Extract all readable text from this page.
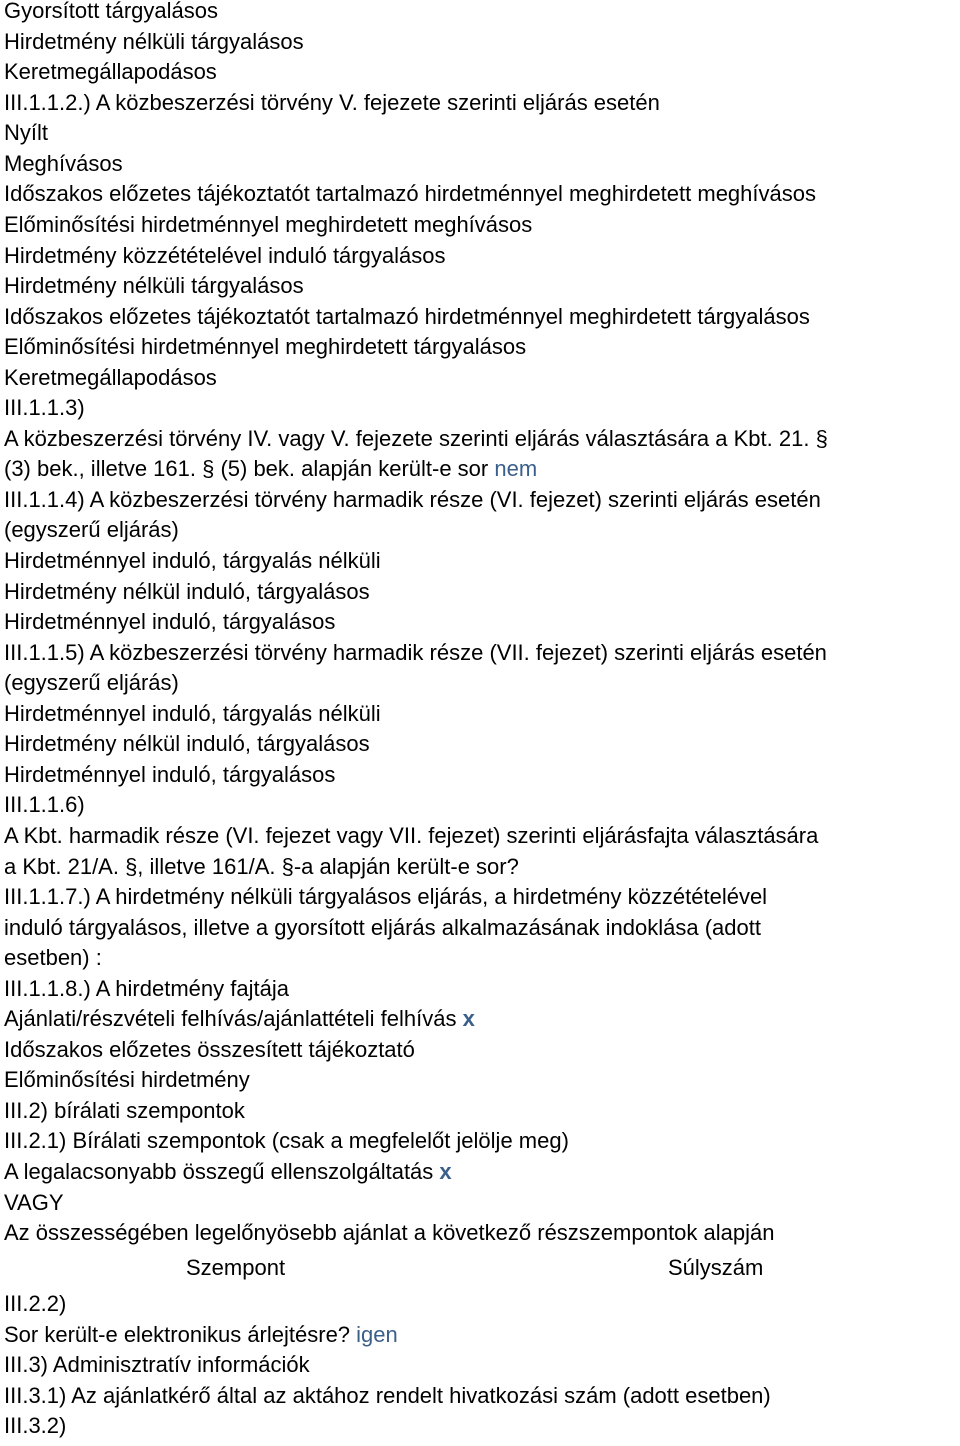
Gyorsított tárgyalásos
Hirdetmény nélküli tárgyalásos
Keretmegállapodásos
III.1.1.2.) A közbeszerzési törvény V. fejezete szerinti eljárás esetén
Nyílt
Meghívásos
Időszakos előzetes tájékoztatót tartalmazó hirdetménnyel meghirdetett meghívásos
Előminősítési hirdetménnyel meghirdetett meghívásos
Hirdetmény közzétételével induló tárgyalásos
Hirdetmény nélküli tárgyalásos
Időszakos előzetes tájékoztatót tartalmazó hirdetménnyel meghirdetett tárgyalásos
Előminősítési hirdetménnyel meghirdetett tárgyalásos
Keretmegállapodásos
III.1.1.3)
A közbeszerzési törvény IV. vagy V. fejezete szerinti eljárás választására a Kbt. 21. §
(3) bek., illetve 161. § (5) bek. alapján került-e sor nem
III.1.1.4) A közbeszerzési törvény harmadik része (VI. fejezet) szerinti eljárás esetén
(egyszerű eljárás)
Hirdetménnyel induló, tárgyalás nélküli
Hirdetmény nélkül induló, tárgyalásos
Hirdetménnyel induló, tárgyalásos
III.1.1.5) A közbeszerzési törvény harmadik része (VII. fejezet) szerinti eljárás esetén
(egyszerű eljárás)
Hirdetménnyel induló, tárgyalás nélküli
Hirdetmény nélkül induló, tárgyalásos
Hirdetménnyel induló, tárgyalásos
III.1.1.6)
A Kbt. harmadik része (VI. fejezet vagy VII. fejezet) szerinti eljárásfajta választására
a Kbt. 21/A. §, illetve 161/A. §-a alapján került-e sor?
III.1.1.7.) A hirdetmény nélküli tárgyalásos eljárás, a hirdetmény közzétételével
induló tárgyalásos, illetve a gyorsított eljárás alkalmazásának indoklása (adott
esetben) :
III.1.1.8.) A hirdetmény fajtája
Ajánlati/részvételi felhívás/ajánlattételi felhívás x
Időszakos előzetes összesített tájékoztató
Előminősítési hirdetmény
III.2) bírálati szempontok
III.2.1) Bírálati szempontok (csak a megfelelőt jelölje meg)
A legalacsonyabb összegű ellenszolgáltatás x
VAGY
Az összességében legelőnyösebb ajánlat a következő részszempontok alapján
Szempont	Súlyszám
III.2.2)
Sor került-e elektronikus árlejtésre? igen
III.3) Adminisztratív információk
III.3.1) Az ajánlatkérő által az aktához rendelt hivatkozási szám (adott esetben)
III.3.2)
